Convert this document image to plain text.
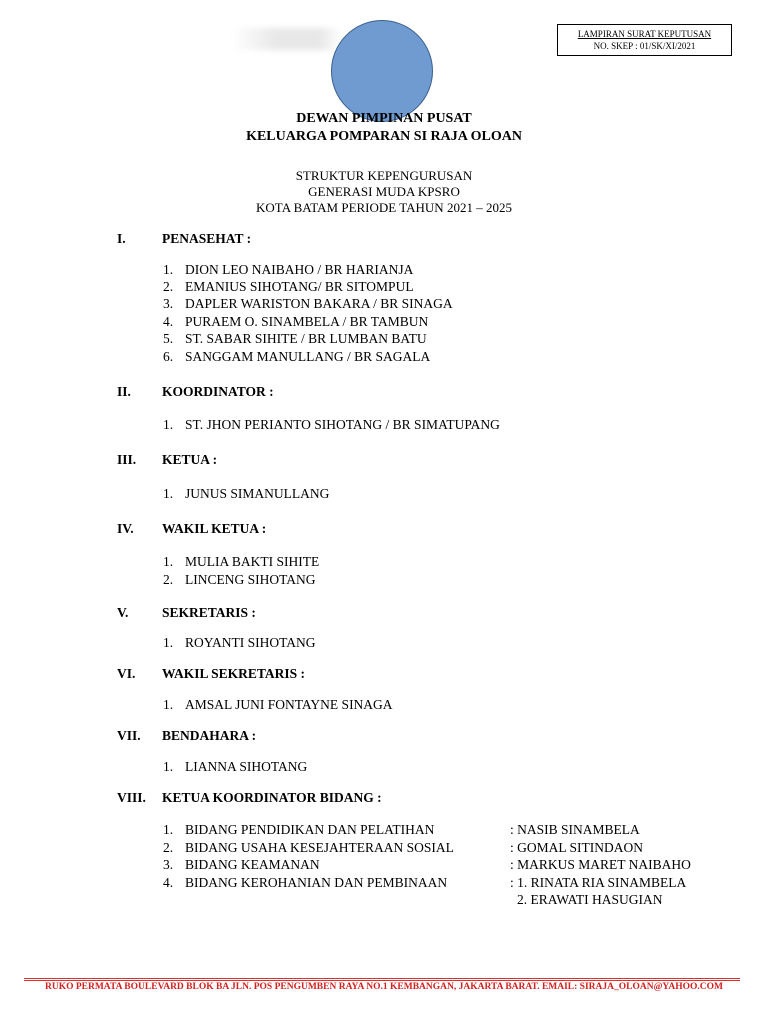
LAMPIRAN SURAT KEPUTUSAN
NO. SKEP : 01/SK/XI/2021
DEWAN PIMPINAN PUSAT
KELUARGA POMPARAN SI RAJA OLOAN
STRUKTUR KEPENGURUSAN
GENERASI MUDA KPSRO
KOTA BATAM PERIODE TAHUN 2021 – 2025
I.	PENASEHAT :
1. DION LEO NAIBAHO / BR HARIANJA
2. EMANIUS SIHOTANG/ BR SITOMPUL
3. DAPLER WARISTON BAKARA / BR SINAGA
4. PURAEM O. SINAMBELA / BR TAMBUN
5. ST. SABAR SIHITE / BR LUMBAN BATU
6. SANGGAM MANULLANG / BR SAGALA
II. KOORDINATOR :
1. ST. JHON PERIANTO SIHOTANG / BR SIMATUPANG
III. KETUA :
1. JUNUS SIMANULLANG
IV. WAKIL KETUA :
1. MULIA BAKTI SIHITE
2. LINCENG SIHOTANG
V. SEKRETARIS :
1. ROYANTI SIHOTANG
VI. WAKIL SEKRETARIS :
1. AMSAL JUNI FONTAYNE SINAGA
VII. BENDAHARA :
1. LIANNA SIHOTANG
VIII. KETUA KOORDINATOR BIDANG :
1. BIDANG PENDIDIKAN DAN PELATIHAN	: NASIB SINAMBELA
2. BIDANG USAHA KESEJAHTERAAN SOSIAL	: GOMAL SITINDAON
3. BIDANG KEAMANAN	: MARKUS MARET NAIBAHO
4. BIDANG KEROHANIAN DAN PEMBINAAN	: 1. RINATA RIA SINAMBELA
2. ERAWATI HASUGIAN
RUKO PERMATA BOULEVARD BLOK BA JLN. POS PENGUMBEN RAYA NO.1 KEMBANGAN, JAKARTA BARAT. EMAIL: SIRAJA_OLOAN@YAHOO.COM
